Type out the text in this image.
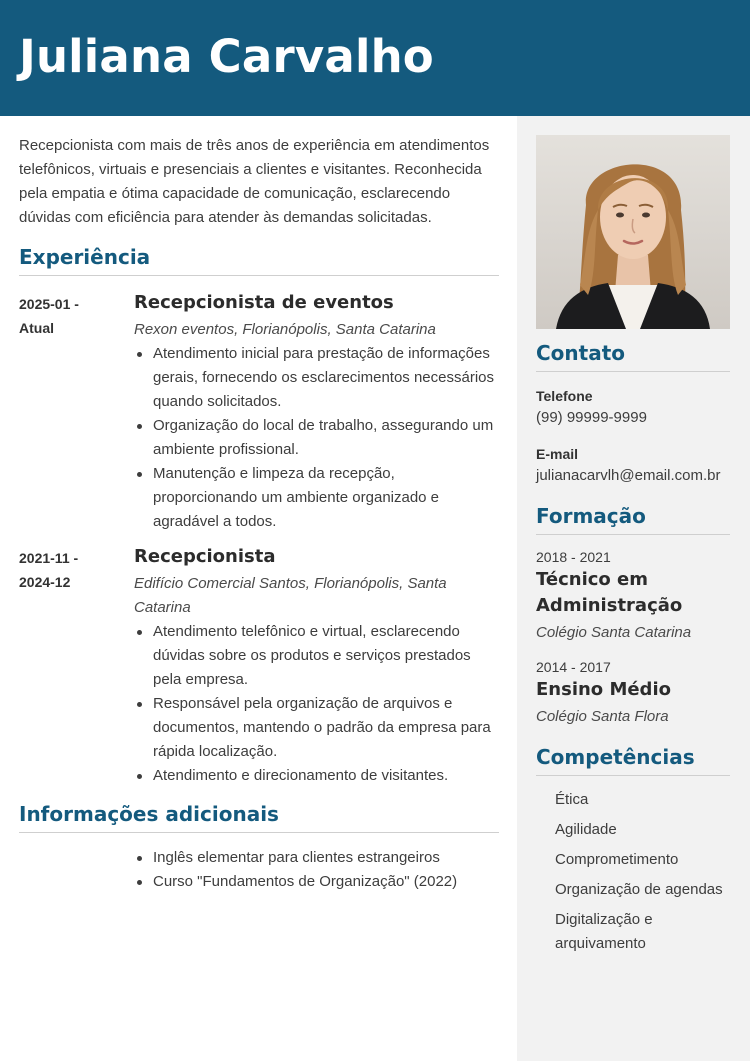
Juliana Carvalho

Recepcionista com mais de três anos de experiência em atendimentos telefônicos, virtuais e presenciais a clientes e visitantes. Reconhecida pela empatia e ótima capacidade de comunicação, esclarecendo dúvidas com eficiência para atender às demandas solicitadas.

Experiência
2025-01 -
Atual
Recepcionista de eventos
Rexon eventos, Florianópolis, Santa Catarina
Atendimento inicial para prestação de informações gerais, fornecendo os esclarecimentos necessários quando solicitados.
Organização do local de trabalho, assegurando um ambiente profissional.
Manutenção e limpeza da recepção, proporcionando um ambiente organizado e agradável a todos.
2021-11 -
2024-12
Recepcionista
Edifício Comercial Santos, Florianópolis, Santa Catarina
Atendimento telefônico e virtual, esclarecendo dúvidas sobre os produtos e serviços prestados pela empresa.
Responsável pela organização de arquivos e documentos, mantendo o padrão da empresa para rápida localização.
Atendimento e direcionamento de visitantes.
Informações adicionais
Inglês elementar para clientes estrangeiros
Curso "Fundamentos de Organização" (2022)
Contato
Telefone
(99) 99999-9999
E-mail
julianacarvlh@email.com.br
Formação
2018 - 2021
Técnico em Administração
Colégio Santa Catarina
2014 - 2017
Ensino Médio
Colégio Santa Flora
Competências
Ética
Agilidade
Comprometimento
Organização de agendas
Digitalização e arquivamento
